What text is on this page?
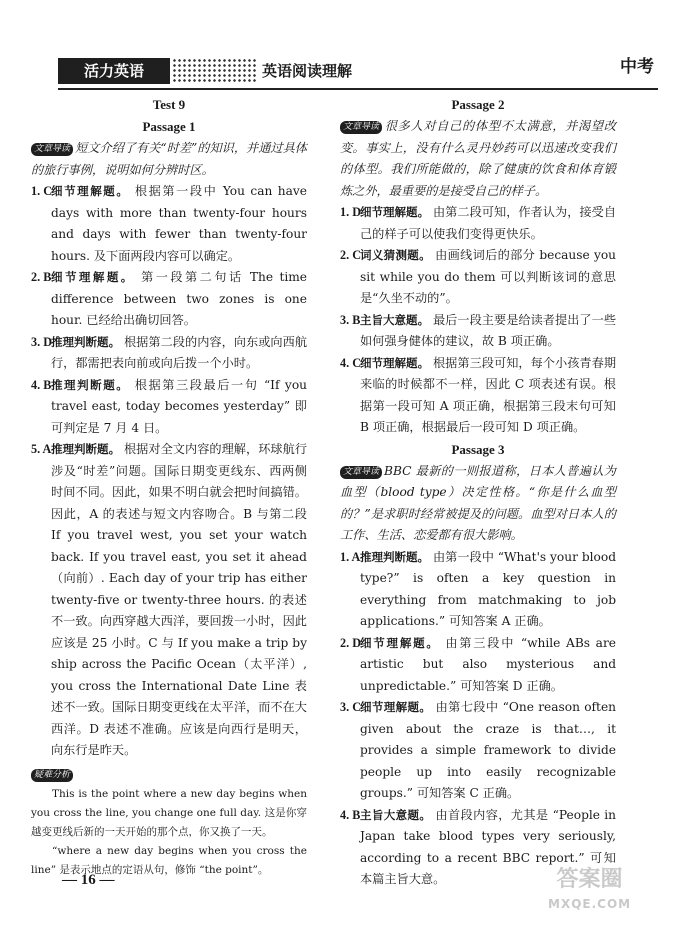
活力英语	英语阅读理解	中考
Test 9
Passage 1
文章导读 短文介绍了有关“时差”的知识，并通过具体的旅行事例，说明如何分辨时区。
1. C 细节理解题。 根据第一段中 You can have days with more than twenty-four hours and days with fewer than twenty-four hours. 及下面两段内容可以确定。
2. B 细节理解题。 第一段第二句话 The time difference between two zones is one hour. 已经给出确切回答。
3. D 推理判断题。 根据第二段的内容，向东或向西航行，都需把表向前或向后拨一个小时。
4. B 推理判断题。 根据第三段最后一句 “If you travel east, today becomes yesterday” 即可判定是 7 月 4 日。
5. A 推理判断题。 根据对全文内容的理解，环球航行涉及“时差”问题。国际日期变更线东、西两侧时间不同。因此，如果不明白就会把时间搞错。因此，A 的表述与短文内容吻合。B 与第二段 If you travel west, you set your watch back. If you travel east, you set it ahead（向前）. Each day of your trip has either twenty-five or twenty-three hours. 的表述不一致。向西穿越大西洋，要回拨一小时，因此应该是 25 小时。C 与 If you make a trip by ship across the Pacific Ocean（太平洋）, you cross the International Date Line 表述不一致。国际日期变更线在太平洋，而不在大西洋。D 表述不准确。应该是向西行是明天，向东行是昨天。
疑难分析
This is the point where a new day begins when you cross the line, you change one full day. 这是你穿越变更线后新的一天开始的那个点，你又换了一天。
“where a new day begins when you cross the line” 是表示地点的定语从句，修饰 “the point”。
Passage 2
文章导读 很多人对自己的体型不太满意，并渴望改变。事实上，没有什么灵丹妙药可以迅速改变我们的体型。我们所能做的，除了健康的饮食和体育锻炼之外，最重要的是接受自己的样子。
1. D 细节理解题。 由第二段可知，作者认为，接受自己的样子可以使我们变得更快乐。
2. C 词义猜测题。 由画线词后的部分 because you sit while you do them 可以判断该词的意思是“久坐不动的”。
3. B 主旨大意题。 最后一段主要是给读者提出了一些如何强身健体的建议，故 B 项正确。
4. C 细节理解题。 根据第三段可知，每个小孩青春期来临的时候都不一样，因此 C 项表述有误。根据第一段可知 A 项正确，根据第三段末句可知 B 项正确，根据最后一段可知 D 项正确。
Passage 3
文章导读 BBC 最新的一则报道称，日本人普遍认为血型（blood type）决定性格。“你是什么血型的？”是求职时经常被提及的问题。血型对日本人的工作、生活、恋爱都有很大影响。
1. A 推理判断题。 由第一段中 “What's your blood type?” is often a key question in everything from matchmaking to job applications.” 可知答案 A 正确。
2. D 细节理解题。 由第三段中 “while ABs are artistic but also mysterious and unpredictable.” 可知答案 D 正确。
3. C 细节理解题。 由第七段中 “One reason often given about the craze is that…, it provides a simple framework to divide people up into easily recognizable groups.” 可知答案 C 正确。
4. B 主旨大意题。 由首段内容，尤其是 “People in Japan take blood types very seriously, according to a recent BBC report.” 可知本篇主旨大意。
— 16 —	答案圈
MXQE.COM
